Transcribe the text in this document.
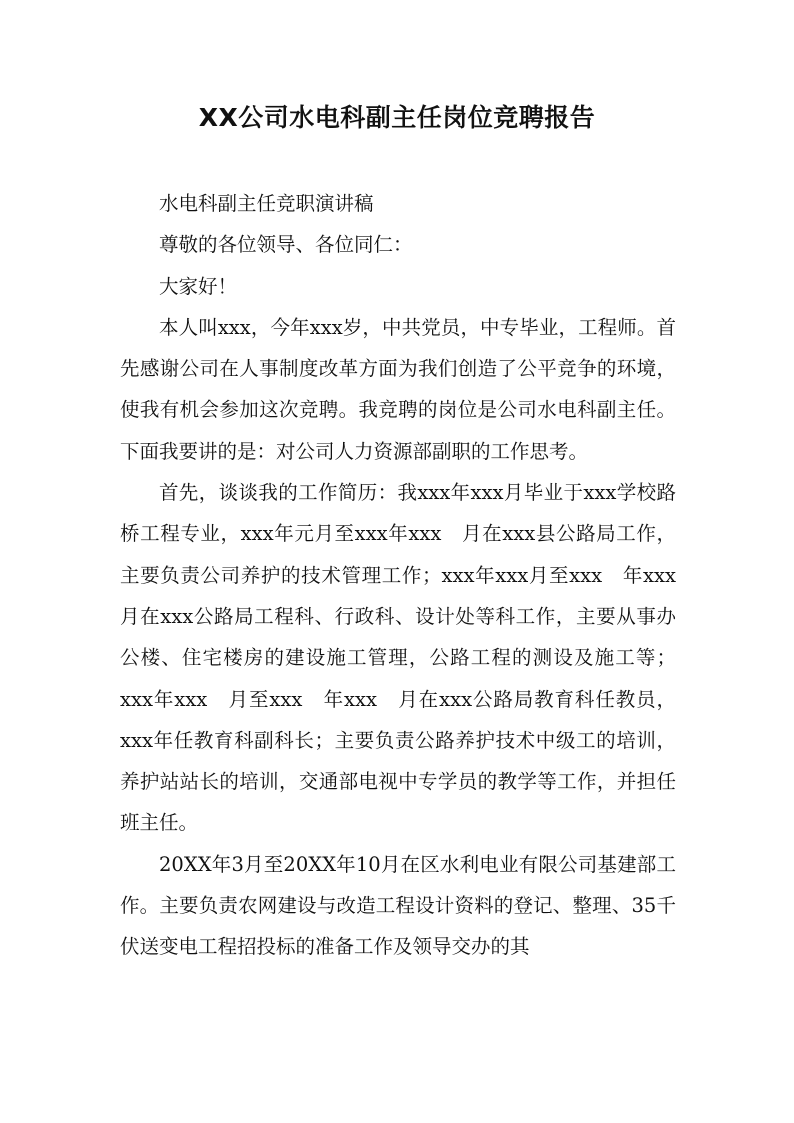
XX公司水电科副主任岗位竞聘报告

水电科副主任竞职演讲稿

尊敬的各位领导、各位同仁：

大家好！

本人叫xxx，今年xxx岁，中共党员，中专毕业，工程师。首先感谢公司在人事制度改革方面为我们创造了公平竞争的环境，使我有机会参加这次竞聘。我竞聘的岗位是公司水电科副主任。下面我要讲的是：对公司人力资源部副职的工作思考。

首先，谈谈我的工作简历：我xxx年xxx月毕业于xxx学校路桥工程专业，xxx年元月至xxx年xxx　月在xxx县公路局工作，主要负责公司养护的技术管理工作；xxx年xxx月至xxx　年xxx月在xxx公路局工程科、行政科、设计处等科工作，主要从事办公楼、住宅楼房的建设施工管理，公路工程的测设及施工等；xxx年xxx　月至xxx　年xxx　月在xxx公路局教育科任教员，xxx年任教育科副科长；主要负责公路养护技术中级工的培训，养护站站长的培训，交通部电视中专学员的教学等工作，并担任班主任。

20XX年3月至20XX年10月在区水利电业有限公司基建部工作。主要负责农网建设与改造工程设计资料的登记、整理、35千伏送变电工程招投标的准备工作及领导交办的其
